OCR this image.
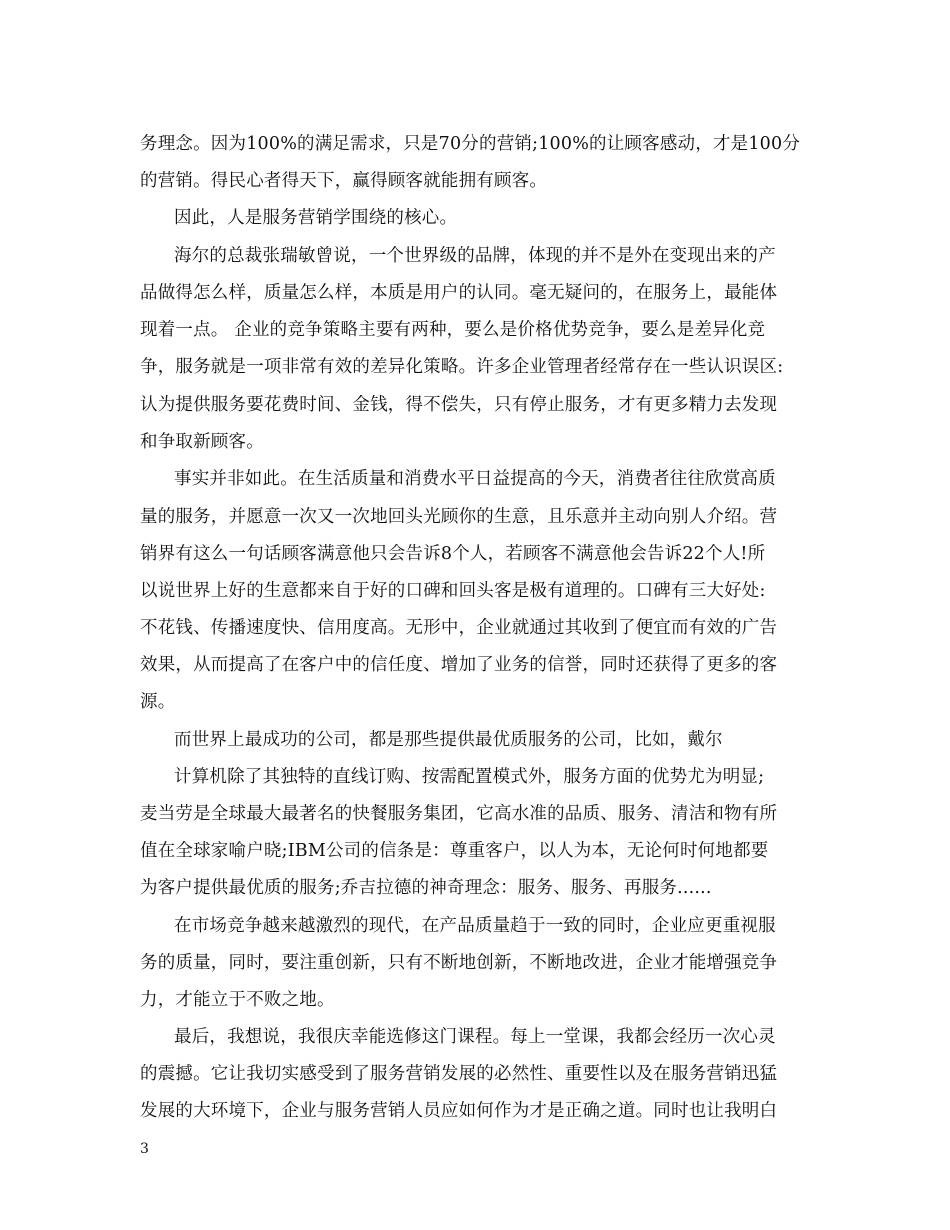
务理念。因为100%的满足需求，只是70分的营销;100%的让顾客感动，才是100分
的营销。得民心者得天下，赢得顾客就能拥有顾客。
因此，人是服务营销学围绕的核心。
海尔的总裁张瑞敏曾说，一个世界级的品牌，体现的并不是外在变现出来的产
品做得怎么样，质量怎么样，本质是用户的认同。毫无疑问的，在服务上，最能体
现着一点。 企业的竞争策略主要有两种，要么是价格优势竞争，要么是差异化竞
争，服务就是一项非常有效的差异化策略。许多企业管理者经常存在一些认识误区:
认为提供服务要花费时间、金钱，得不偿失，只有停止服务，才有更多精力去发现
和争取新顾客。
事实并非如此。在生活质量和消费水平日益提高的今天，消费者往往欣赏高质
量的服务，并愿意一次又一次地回头光顾你的生意，且乐意并主动向别人介绍。营
销界有这么一句话顾客满意他只会告诉8个人，若顾客不满意他会告诉22个人!所
以说世界上好的生意都来自于好的口碑和回头客是极有道理的。口碑有三大好处:
不花钱、传播速度快、信用度高。无形中，企业就通过其收到了便宜而有效的广告
效果，从而提高了在客户中的信任度、增加了业务的信誉，同时还获得了更多的客
源。
而世界上最成功的公司，都是那些提供最优质服务的公司，比如，戴尔
计算机除了其独特的直线订购、按需配置模式外，服务方面的优势尤为明显;
麦当劳是全球最大最著名的快餐服务集团，它高水准的品质、服务、清洁和物有所
值在全球家喻户晓;IBM公司的信条是：尊重客户，以人为本，无论何时何地都要
为客户提供最优质的服务;乔吉拉德的神奇理念：服务、服务、再服务......
在市场竞争越来越激烈的现代，在产品质量趋于一致的同时，企业应更重视服
务的质量，同时，要注重创新，只有不断地创新，不断地改进，企业才能增强竞争
力，才能立于不败之地。
最后，我想说，我很庆幸能选修这门课程。每上一堂课，我都会经历一次心灵
的震撼。它让我切实感受到了服务营销发展的必然性、重要性以及在服务营销迅猛
发展的大环境下，企业与服务营销人员应如何作为才是正确之道。同时也让我明白
3
